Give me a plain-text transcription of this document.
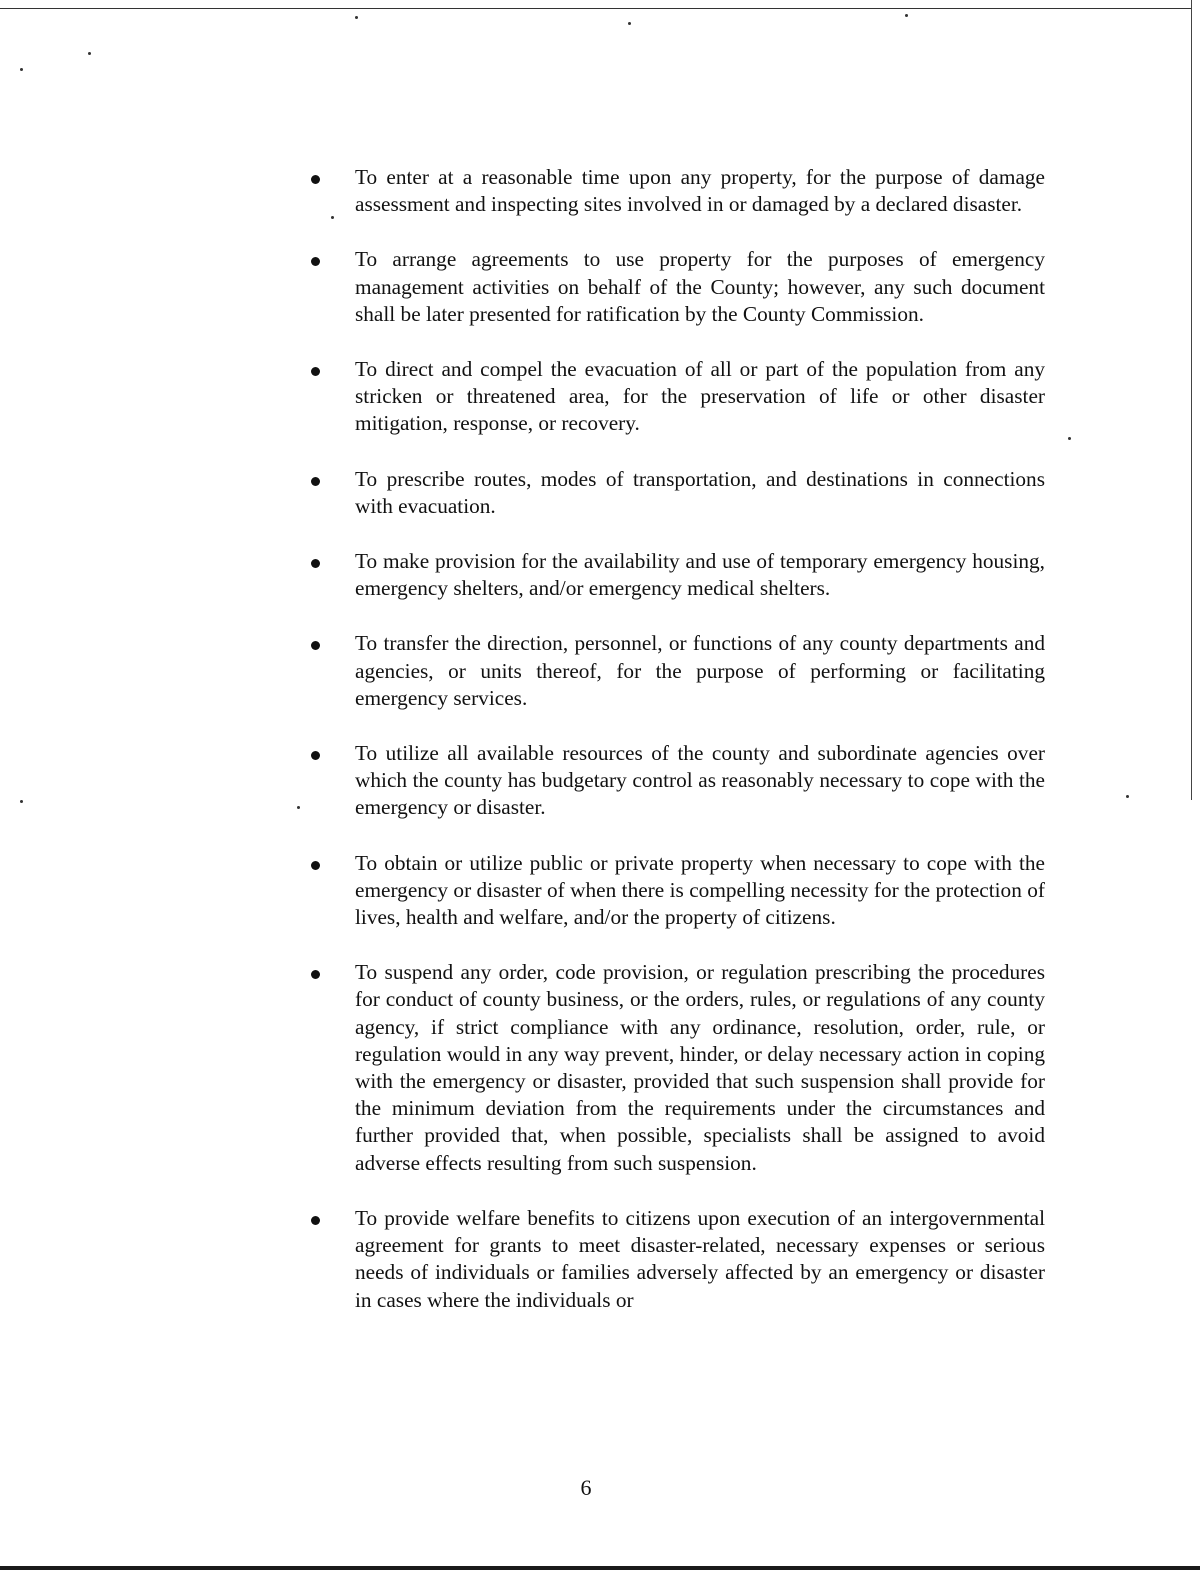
To enter at a reasonable time upon any property, for the purpose of damage assessment and inspecting sites involved in or damaged by a declared disaster.
To arrange agreements to use property for the purposes of emergency management activities on behalf of the County; however, any such document shall be later presented for ratification by the County Commission.
To direct and compel the evacuation of all or part of the population from any stricken or threatened area, for the preservation of life or other disaster mitigation, response, or recovery.
To prescribe routes, modes of transportation, and destinations in connections with evacuation.
To make provision for the availability and use of temporary emergency housing, emergency shelters, and/or emergency medical shelters.
To transfer the direction, personnel, or functions of any county departments and agencies, or units thereof, for the purpose of performing or facilitating emergency services.
To utilize all available resources of the county and subordinate agencies over which the county has budgetary control as reasonably necessary to cope with the emergency or disaster.
To obtain or utilize public or private property when necessary to cope with the emergency or disaster of when there is compelling necessity for the protection of lives, health and welfare, and/or the property of citizens.
To suspend any order, code provision, or regulation prescribing the procedures for conduct of county business, or the orders, rules, or regulations of any county agency, if strict compliance with any ordinance, resolution, order, rule, or regulation would in any way prevent, hinder, or delay necessary action in coping with the emergency or disaster, provided that such suspension shall provide for the minimum deviation from the requirements under the circumstances and further provided that, when possible, specialists shall be assigned to avoid adverse effects resulting from such suspension.
To provide welfare benefits to citizens upon execution of an intergovernmental agreement for grants to meet disaster-related, necessary expenses or serious needs of individuals or families adversely affected by an emergency or disaster in cases where the individuals or
6
